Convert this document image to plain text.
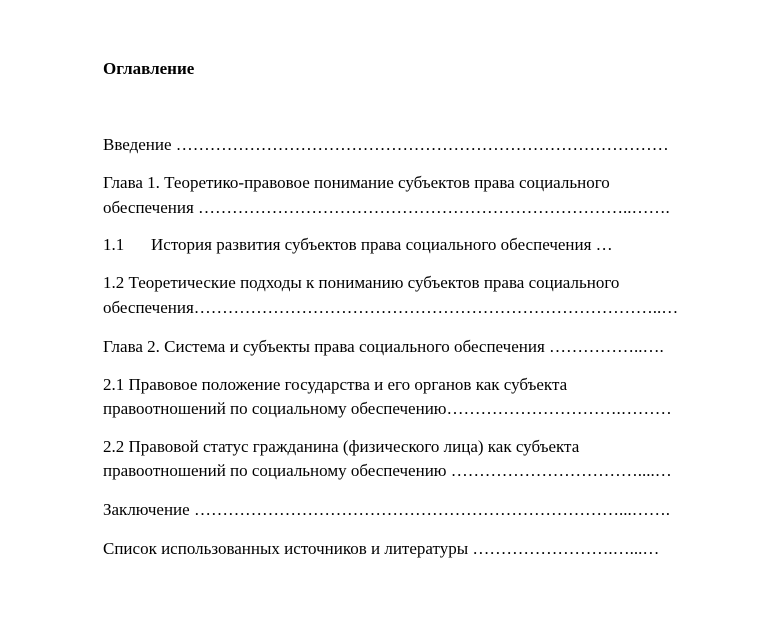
Оглавление
Введение ……………………………………………………………………………
Глава 1. Теоретико-правовое понимание субъектов права социального
обеспечения …………………………………………………………………..…….
1.1 История развития субъектов права социального обеспечения …
1.2 Теоретические подходы к пониманию субъектов права социального
обеспечения………………………………………………………………………..…
Глава 2. Система и субъекты права социального обеспечения ……………..….
2.1 Правовое положение государства и его органов как субъекта
правоотношений по социальному обеспечению………………………….………
2.2 Правовой статус гражданина (физического лица) как субъекта
правоотношений по социальному обеспечению ……………………………....…
Заключение …………………………………………………………………...…….
Список использованных источников и литературы …………………….…...…
